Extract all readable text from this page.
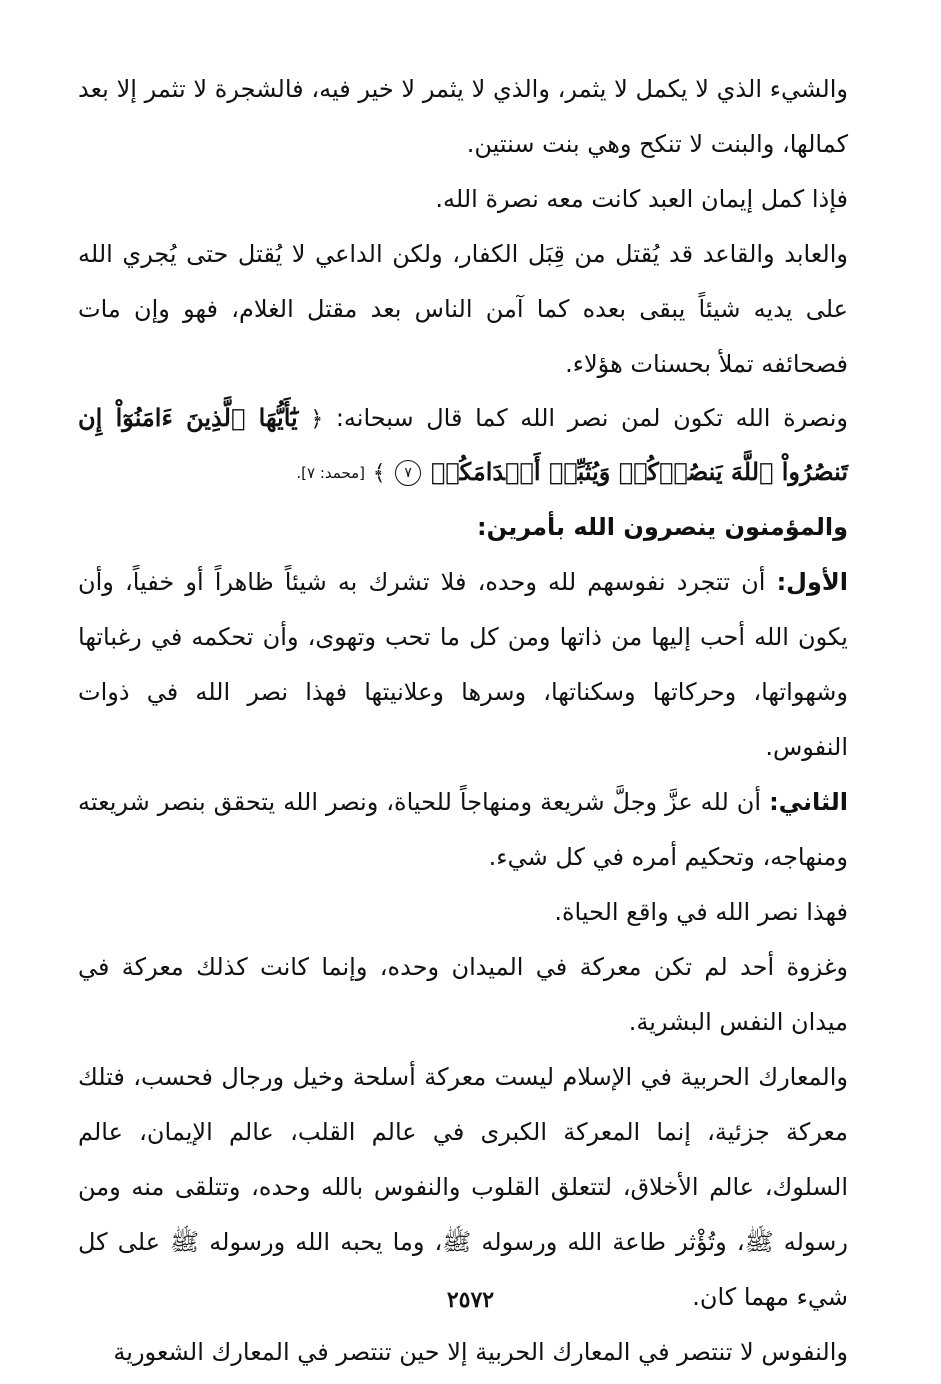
والشيء الذي لا يكمل لا يثمر، والذي لا يثمر لا خير فيه، فالشجرة لا تثمر إلا بعد كمالها، والبنت لا تنكح وهي بنت سنتين.

فإذا كمل إيمان العبد كانت معه نصرة الله.

والعابد والقاعد قد يُقتل من قِبَل الكفار، ولكن الداعي لا يُقتل حتى يُجري الله على يديه شيئاً يبقى بعده كما آمن الناس بعد مقتل الغلام، فهو وإن مات فصحائفه تملأ بحسنات هؤلاء.

ونصرة الله تكون لمن نصر الله كما قال سبحانه: ﴿ يَٰٓأَيُّهَا ٱلَّذِينَ ءَامَنُوٓاْ إِن تَنصُرُواْ ٱللَّهَ يَنصُرۡكُمۡ وَيُثَبِّتۡ أَقۡدَامَكُمۡ ٧ ﴾ [محمد: ٧].

والمؤمنون ينصرون الله بأمرين:

الأول: أن تتجرد نفوسهم لله وحده، فلا تشرك به شيئاً ظاهراً أو خفياً، وأن يكون الله أحب إليها من ذاتها ومن كل ما تحب وتهوى، وأن تحكمه في رغباتها وشهواتها، وحركاتها وسكناتها، وسرها وعلانيتها فهذا نصر الله في ذوات النفوس.

الثاني: أن لله عزَّ وجلَّ شريعة ومنهاجاً للحياة، ونصر الله يتحقق بنصر شريعته ومنهاجه، وتحكيم أمره في كل شيء.

فهذا نصر الله في واقع الحياة.

وغزوة أحد لم تكن معركة في الميدان وحده، وإنما كانت كذلك معركة في ميدان النفس البشرية.

والمعارك الحربية في الإسلام ليست معركة أسلحة وخيل ورجال فحسب، فتلك معركة جزئية، إنما المعركة الكبرى في عالم القلب، عالم الإيمان، عالم السلوك، عالم الأخلاق، لتتعلق القلوب والنفوس بالله وحده، وتتلقى منه ومن رسوله ﷺ، وتُؤْثر طاعة الله ورسوله ﷺ، وما يحبه الله ورسوله ﷺ على كل شيء مهما كان.

والنفوس لا تنتصر في المعارك الحربية إلا حين تنتصر في المعارك الشعورية

٢٥٧٢
